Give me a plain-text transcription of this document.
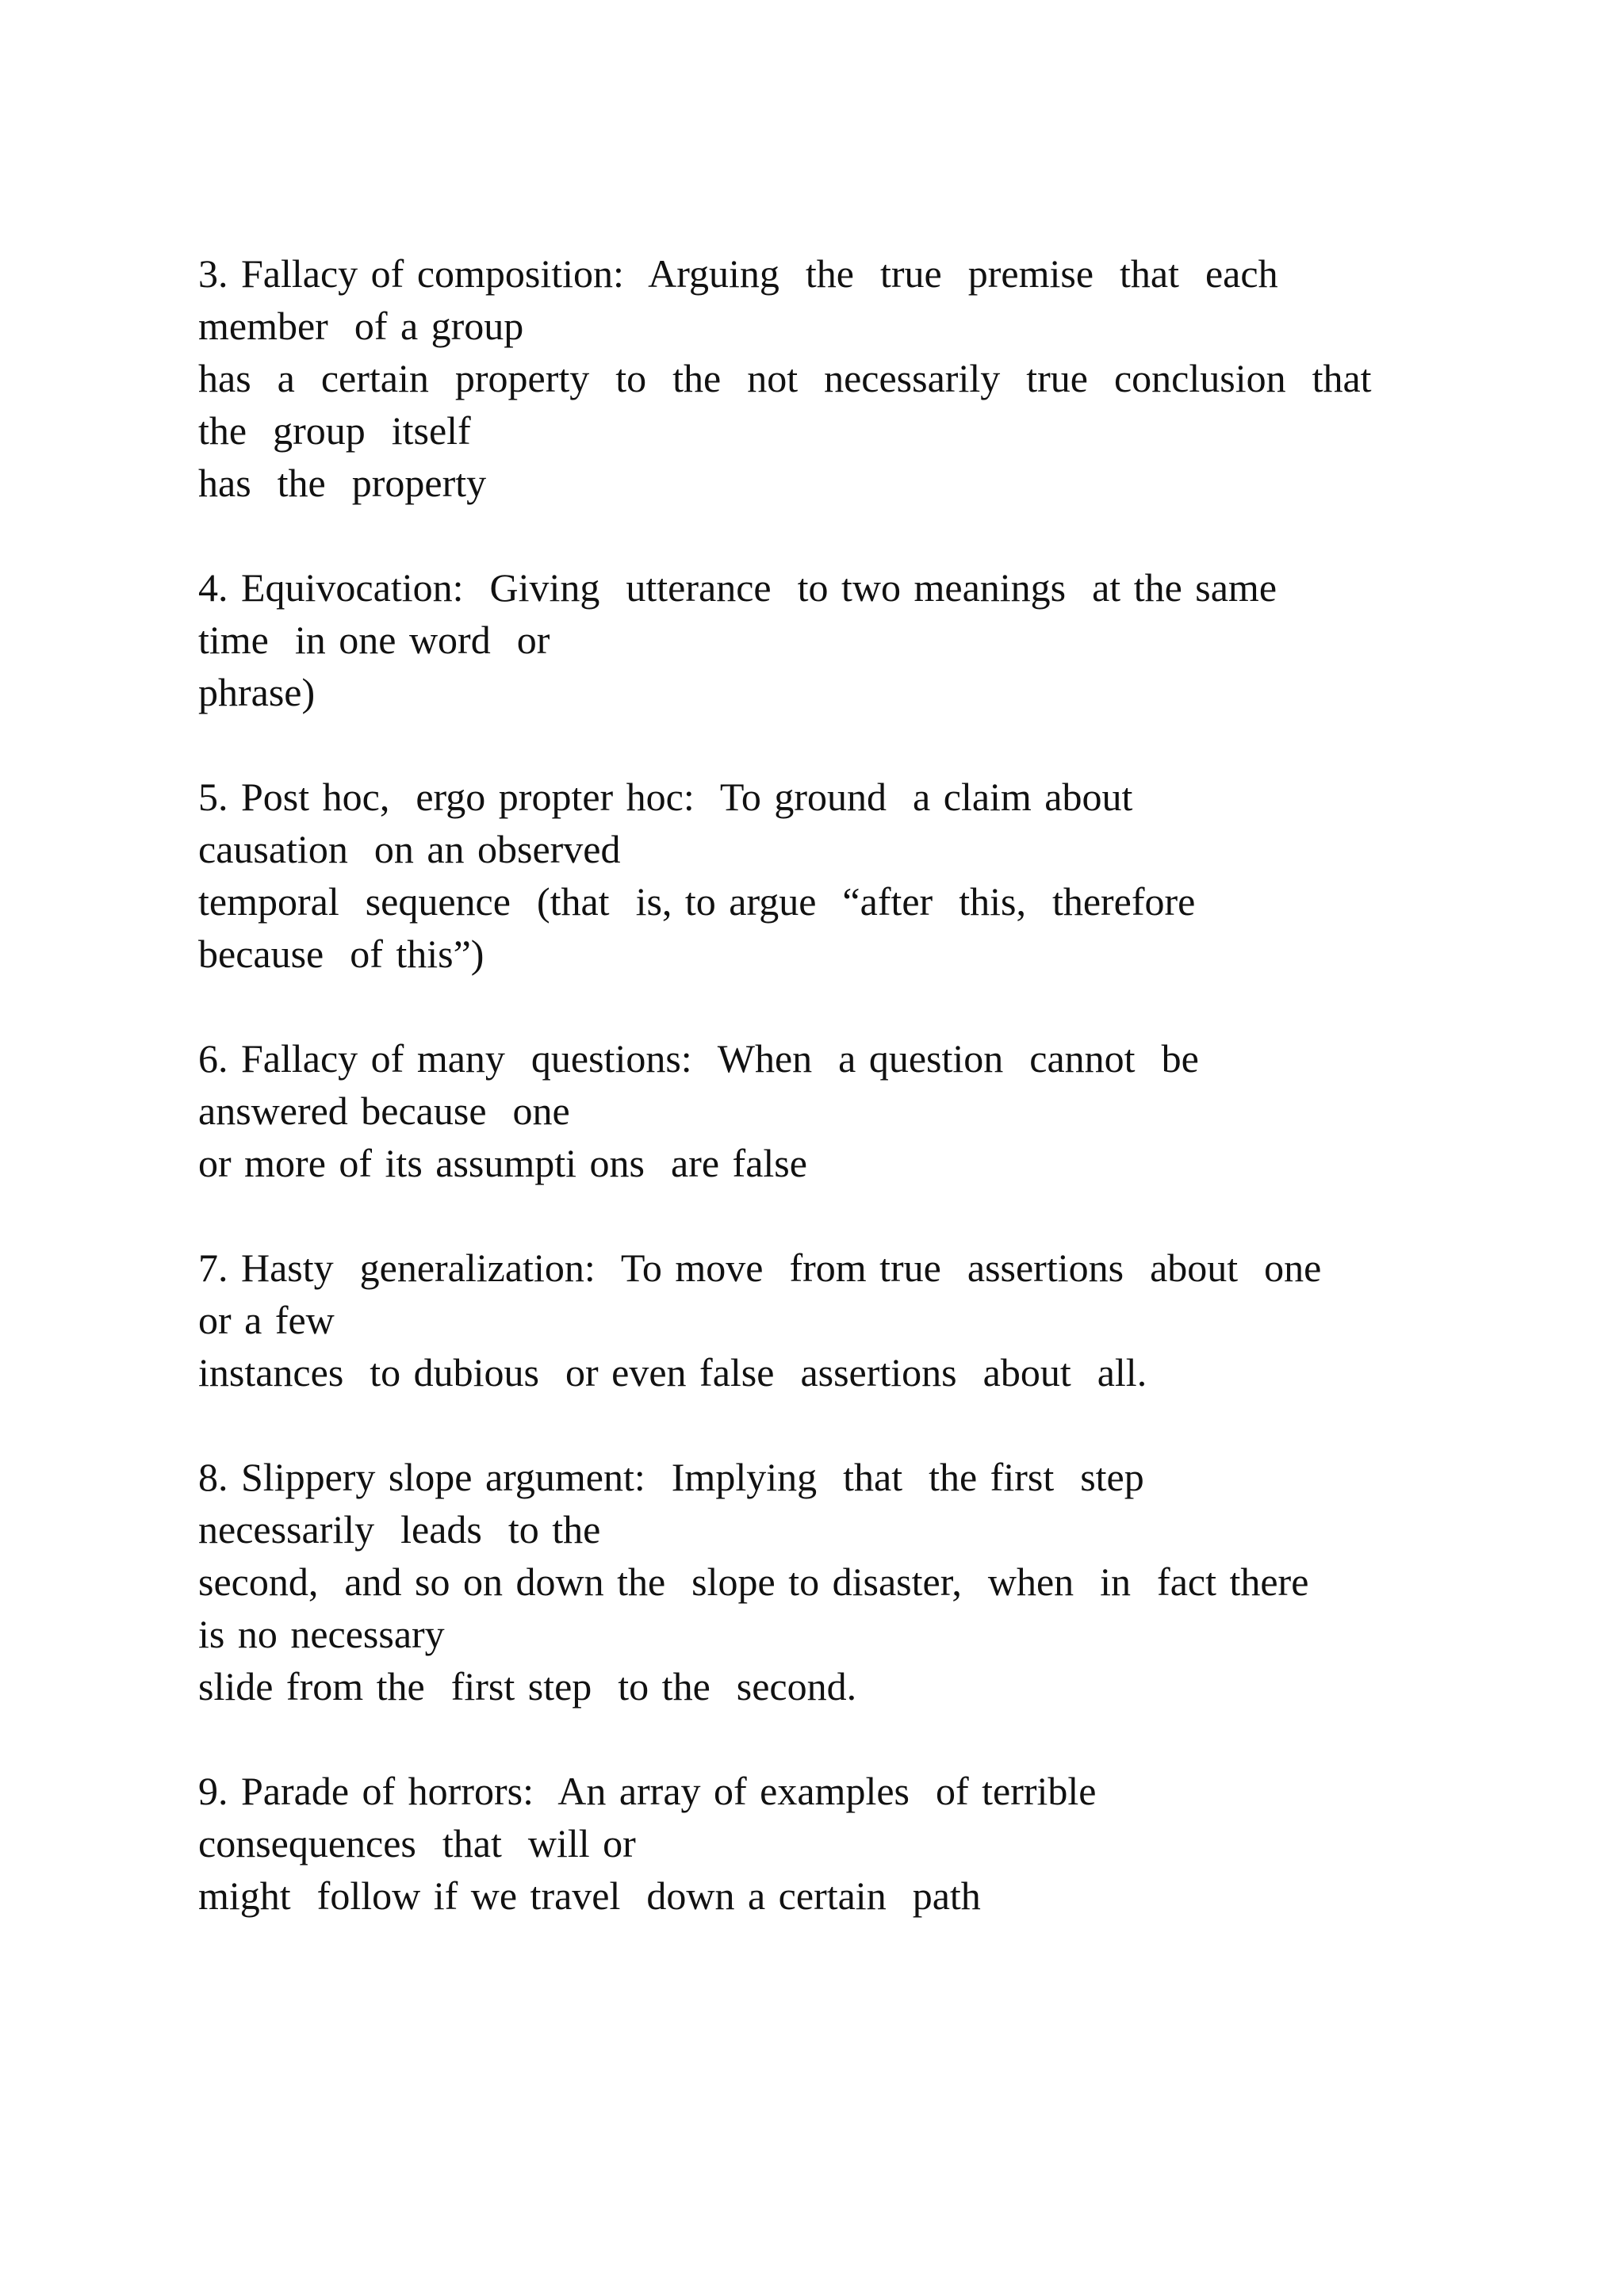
3. Fallacy of composition:  Arguing  the  true  premise  that  each
member  of a group
has  a  certain  property  to  the  not  necessarily  true  conclusion  that
the  group  itself
has  the  property
4. Equivocation:  Giving  utterance  to two meanings  at the same
time  in one word  or
phrase)
5. Post hoc,  ergo propter hoc:  To ground  a claim about
causation  on an observed
temporal  sequence  (that  is, to argue  “after  this,  therefore
because  of this”)
6. Fallacy of many  questions:  When  a question  cannot  be
answered because  one
or more of its assumpti ons  are false
7. Hasty  generalization:  To move  from true  assertions  about  one
or a few
instances  to dubious  or even false  assertions  about  all.
8. Slippery slope argument:  Implying  that  the first  step
necessarily  leads  to the
second,  and so on down the  slope to disaster,  when  in  fact there
is no necessary
slide from the  first step  to the  second.
9. Parade of horrors:  An array of examples  of terrible
consequences  that  will or
might  follow if we travel  down a certain  path
